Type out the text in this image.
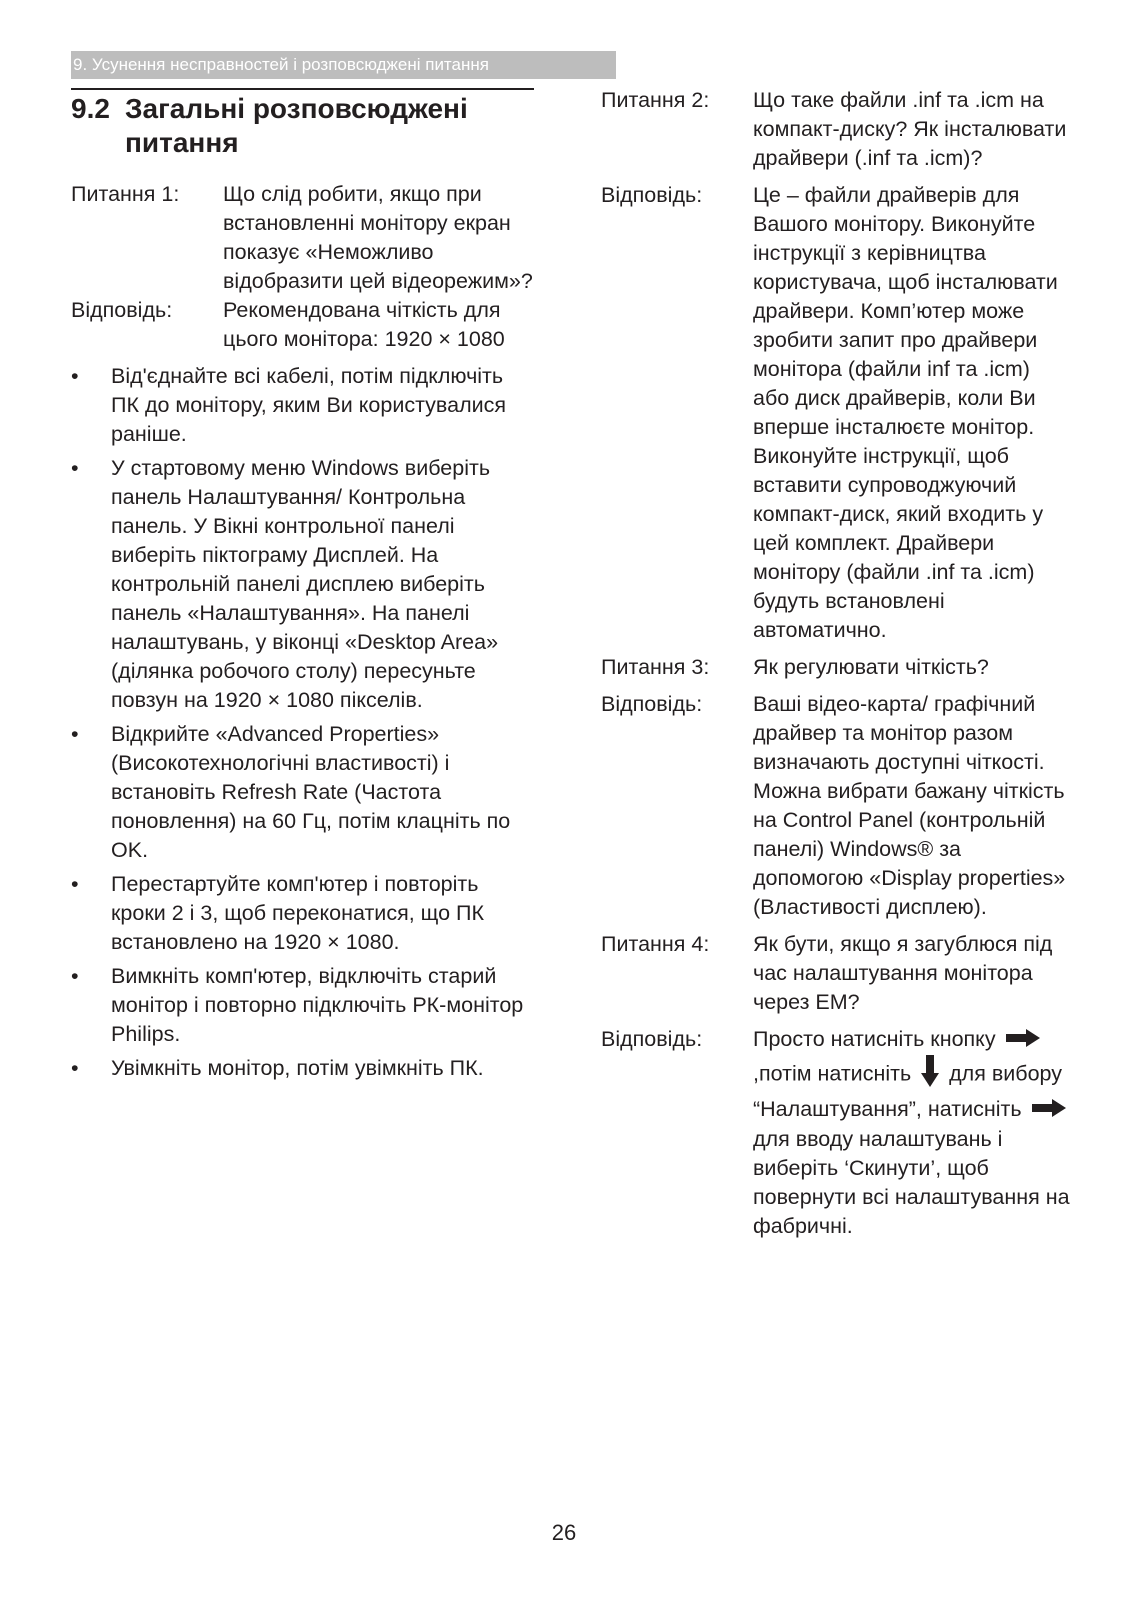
9. Усунення несправностей і розповсюджені питання
9.2 Загальні розповсюджені питання
Питання 1:	Що слід робити, якщо при встановленні монітору екран показує «Неможливо відобразити цей відеорежим»?
Відповідь:	Рекомендована чіткість для цього монітора: 1920 × 1080
•	Від'єднайте всі кабелі, потім підключіть ПК до монітору, яким Ви користувалися раніше.
•	У стартовому меню Windows виберіть панель Налаштування/ Контрольна панель. У Вікні контрольної панелі виберіть піктограму Дисплей. На контрольній панелі дисплею виберіть панель «Налаштування». На панелі налаштувань, у віконці «Desktop Area» (ділянка робочого столу) пересуньте повзун на 1920 × 1080 пікселів.
•	Відкрийте «Advanced Properties» (Високотехнологічні властивості) і встановіть Refresh Rate (Частота поновлення) на 60 Гц, потім клацніть по OK.
•	Перестартуйте комп'ютер і повторіть кроки 2 і 3, щоб переконатися, що ПК встановлено на 1920 × 1080.
•	Вимкніть комп'ютер, відключіть старий монітор і повторно підключіть РК-монітор Philips.
•	Увімкніть монітор, потім увімкніть ПК.
Питання 2:	Що таке файли .inf та .icm на компакт-диску? Як інсталювати драйвери (.inf та .icm)?
Відповідь:	Це – файли драйверів для Вашого монітору. Виконуйте інструкції з керівництва користувача, щоб інсталювати драйвери. Комп’ютер може зробити запит про драйвери монітора (файли inf та .icm) або диск драйверів, коли Ви вперше інсталюєте монітор. Виконуйте інструкції, щоб вставити супроводжуючий компакт-диск, який входить у цей комплект. Драйвери монітору (файли .inf та .icm) будуть встановлені автоматично.
Питання 3:	Як регулювати чіткість?
Відповідь:	Ваші відео-карта/ графічний драйвер та монітор разом визначають доступні чіткості. Можна вибрати бажану чіткість на Control Panel (контрольній панелі) Windows® за допомогою «Display properties» (Властивості дисплею).
Питання 4:	Як бути, якщо я загублюся під час налаштування монітора через EM?
Відповідь:	Просто натисніть кнопку ,потім натисніть для вибору “Налаштування”, натисніть  для вводу налаштувань і виберіть ‘Скинути’, щоб повернути всі налаштування на фабричні.
26
